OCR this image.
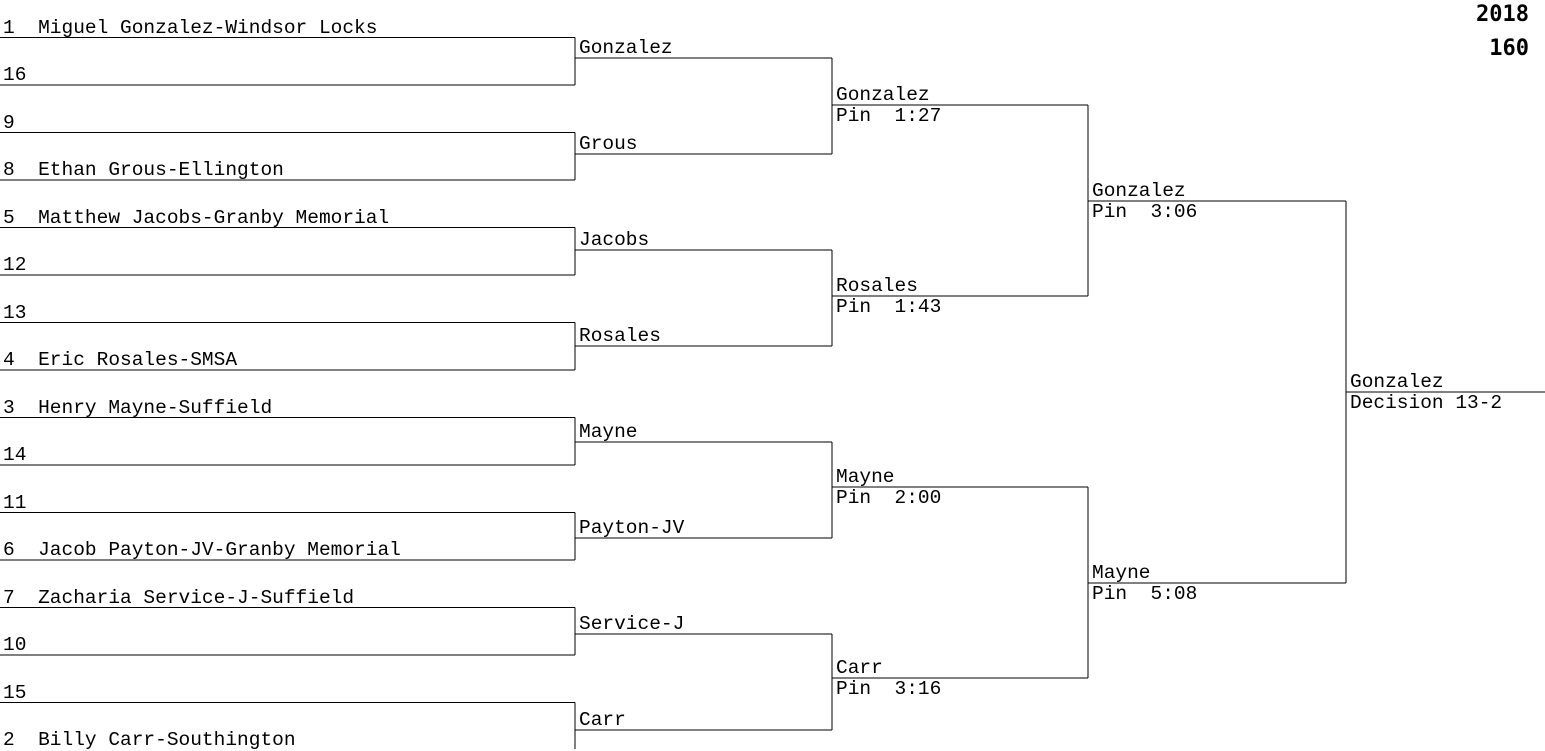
2018
160
1  Miguel Gonzalez-Windsor Locks
16
9
8  Ethan Grous-Ellington
5  Matthew Jacobs-Granby Memorial
12
13
4  Eric Rosales-SMSA
3  Henry Mayne-Suffield
14
11
6  Jacob Payton-JV-Granby Memorial
7  Zacharia Service-J-Suffield
10
15
2  Billy Carr-Southington
Gonzalez
Grous
Jacobs
Rosales
Mayne
Payton-JV
Service-J
Carr
Gonzalez
Pin  1:27
Rosales
Pin  1:43
Mayne
Pin  2:00
Carr
Pin  3:16
Gonzalez
Pin  3:06
Mayne
Pin  5:08
Gonzalez
Decision 13-2
